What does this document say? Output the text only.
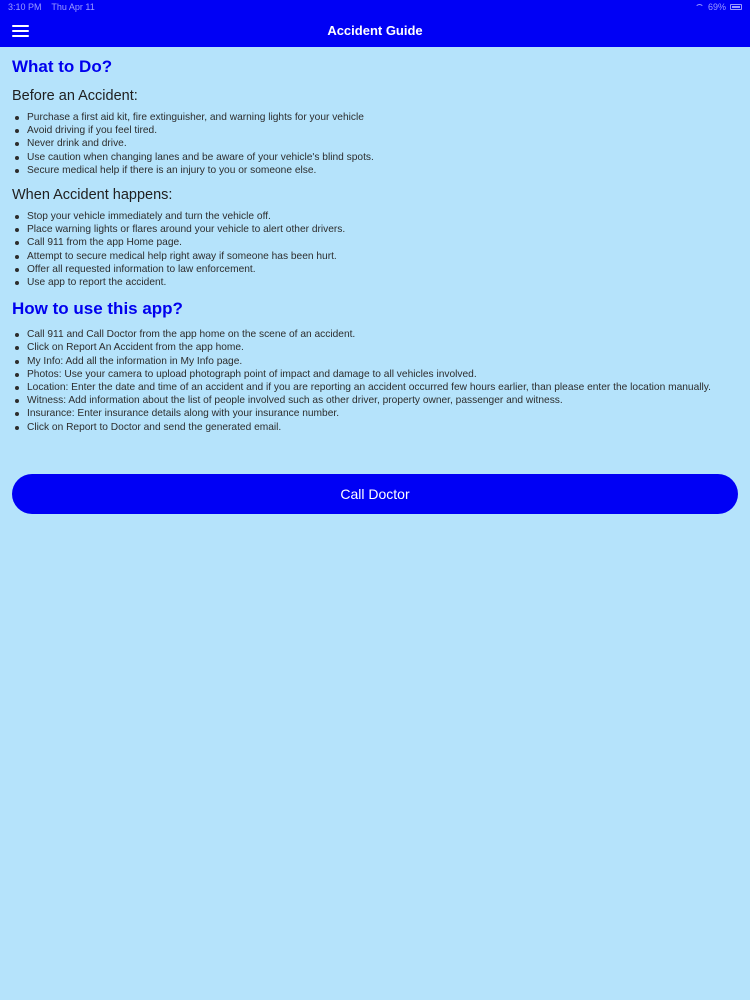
3:10 PM Thu Apr 11	69%
Accident Guide
What to Do?
Before an Accident:
Purchase a first aid kit, fire extinguisher, and warning lights for your vehicle
Avoid driving if you feel tired.
Never drink and drive.
Use caution when changing lanes and be aware of your vehicle's blind spots.
Secure medical help if there is an injury to you or someone else.
When Accident happens:
Stop your vehicle immediately and turn the vehicle off.
Place warning lights or flares around your vehicle to alert other drivers.
Call 911 from the app Home page.
Attempt to secure medical help right away if someone has been hurt.
Offer all requested information to law enforcement.
Use app to report the accident.
How to use this app?
Call 911 and Call Doctor from the app home on the scene of an accident.
Click on Report An Accident from the app home.
My Info: Add all the information in My Info page.
Photos: Use your camera to upload photograph point of impact and damage to all vehicles involved.
Location: Enter the date and time of an accident and if you are reporting an accident occurred few hours earlier, than please enter the location manually.
Witness: Add information about the list of people involved such as other driver, property owner, passenger and witness.
Insurance: Enter insurance details along with your insurance number.
Click on Report to Doctor and send the generated email.
Call Doctor
